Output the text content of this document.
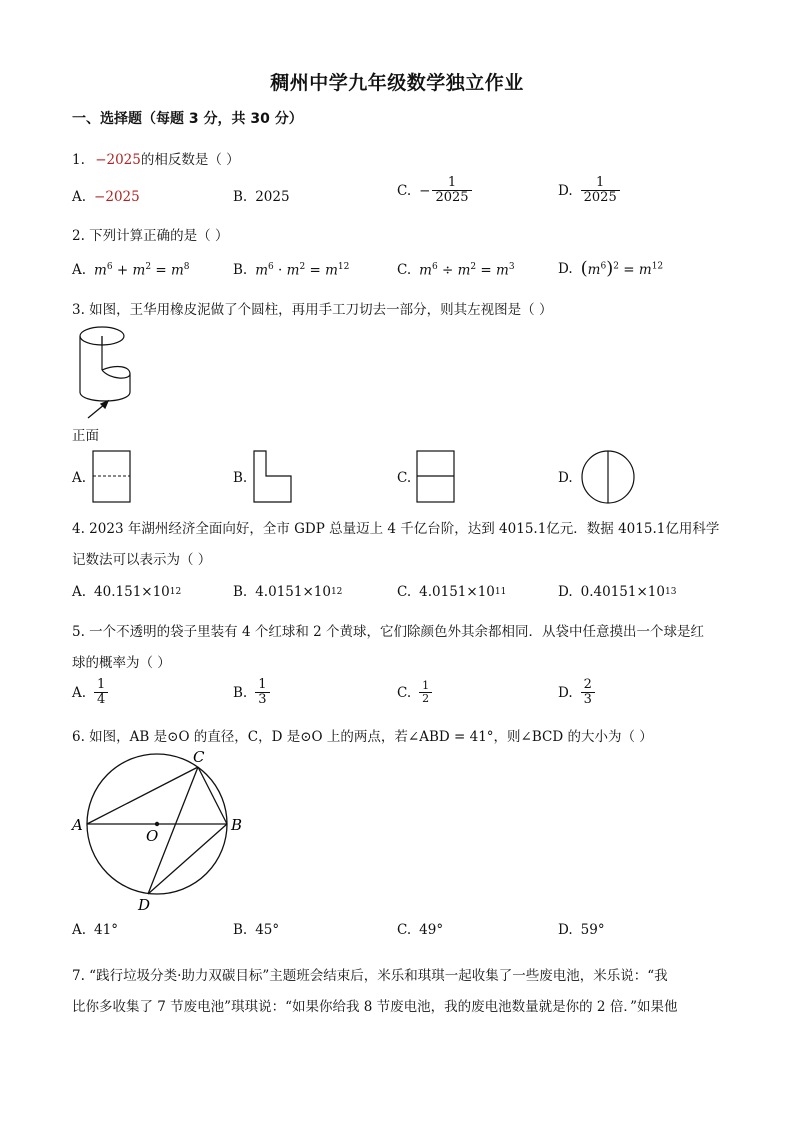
稠州中学九年级数学独立作业
一、选择题（每题 3 分，共 30 分）
1. −2025的相反数是（ ）
A. −2025	B. 2025	C. − $\frac{1}{2025}$	D. $\frac{1}{2025}$
2. 下列计算正确的是（ ）
A. $m^6 + m^2 = m^8$	B. $m^6 \cdot m^2 = m^{12}$	C. $m^6 \div m^2 = m^3$	D. $(m^6)^2 = m^{12}$
3. 如图，王华用橡皮泥做了个圆柱，再用手工刀切去一部分，则其左视图是（ ）
正面
A.	B.	C.	D.
4. 2023 年湖州经济全面向好，全市 GDP 总量迈上 4 千亿台阶，达到 4015.1亿元．数据 4015.1亿用科学
记数法可以表示为（ ）
A. 40.151×10 12	B. 4.0151×10 12	C. 4.0151×10 11	D. 0.40151×10 13
5. 一个不透明的袋子里装有 4 个红球和 2 个黄球，它们除颜色外其余都相同．从袋中任意摸出一个球是红
球的概率为（ ）
A. $\frac{1}{4}$	B. $\frac{1}{3}$	C. $\frac{1}{2}$	D. $\frac{2}{3}$
6. 如图，AB 是⊙O 的直径，C，D 是⊙O 上的两点，若∠ABD = 41°，则∠BCD 的大小为（ ）
A	B
C
D
O
A. 41°	B. 45°	C. 49°	D. 59°
7. “践行垃圾分类·助力双碳目标”主题班会结束后，米乐和琪琪一起收集了一些废电池，米乐说：“我
比你多收集了 7 节废电池”琪琪说：“如果你给我 8 节废电池，我的废电池数量就是你的 2 倍．”如果他
